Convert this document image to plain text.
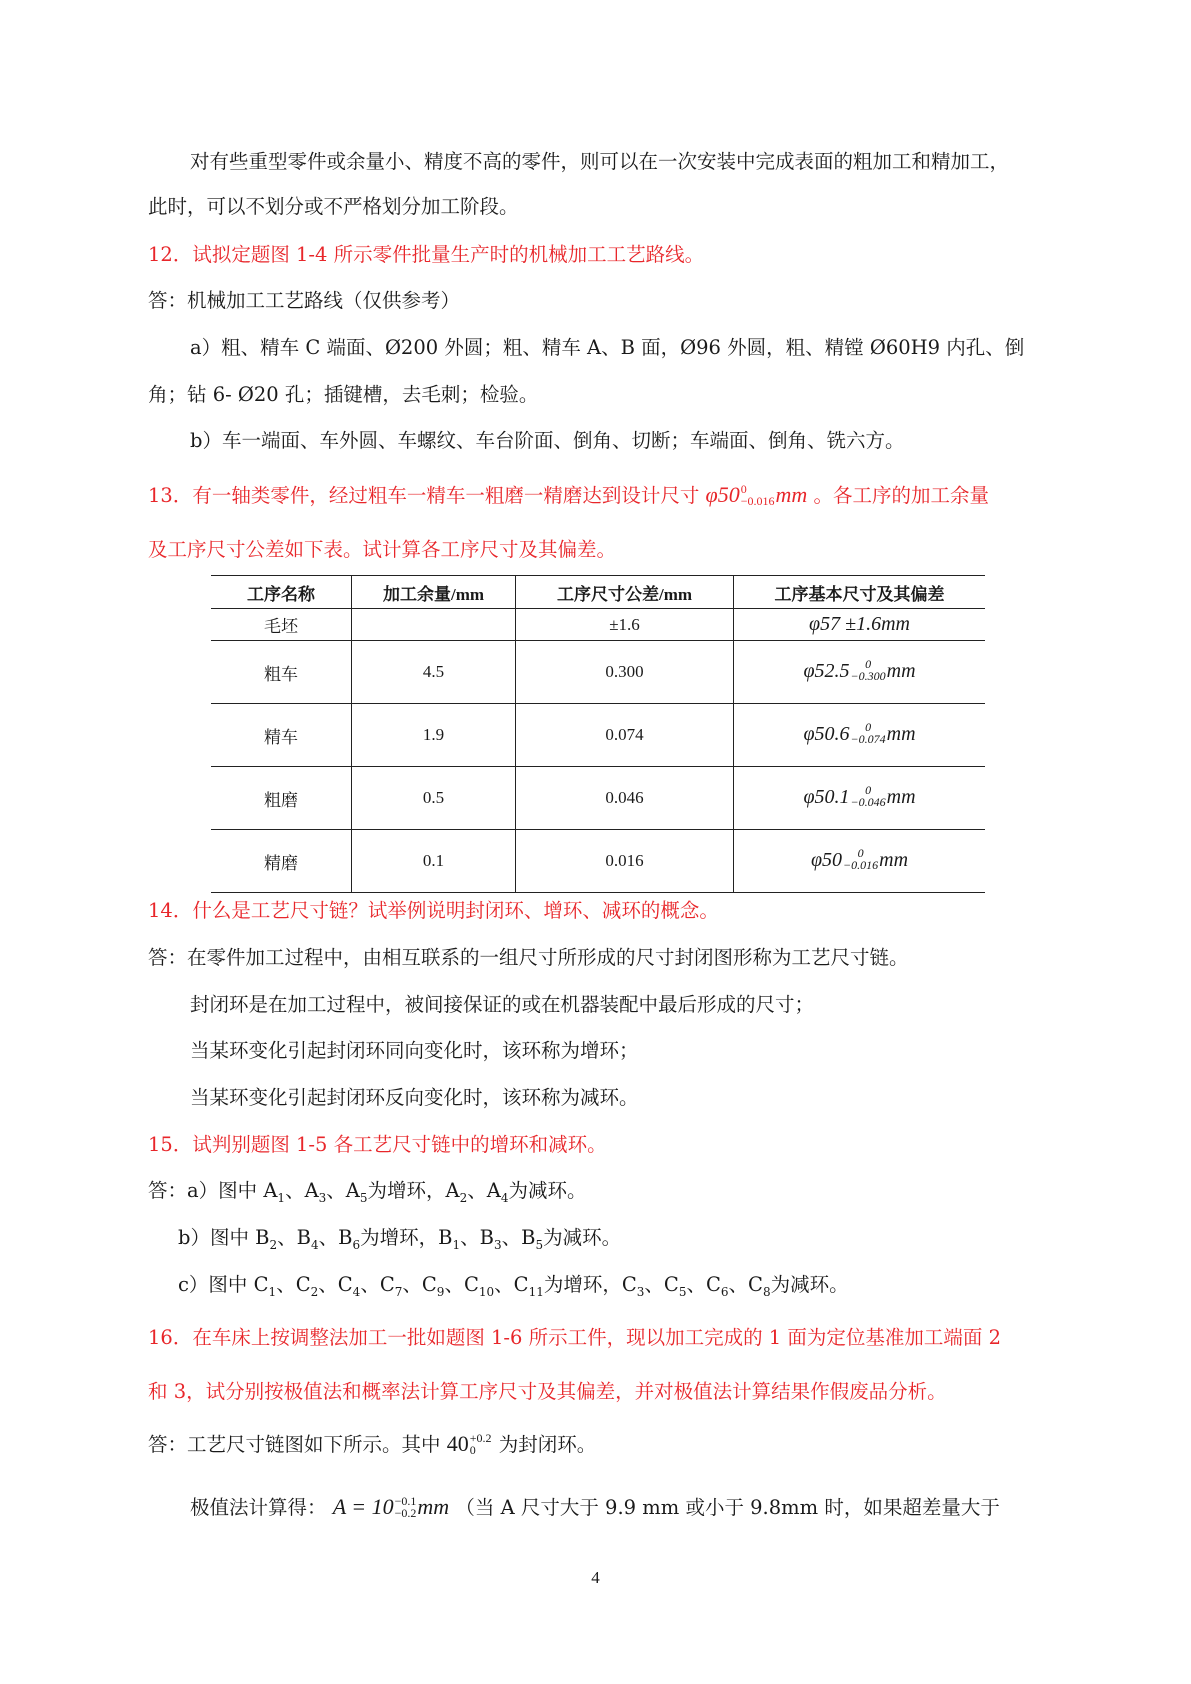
对有些重型零件或余量小、精度不高的零件，则可以在一次安装中完成表面的粗加工和精加工，
此时，可以不划分或不严格划分加工阶段。
12．试拟定题图 1-4 所示零件批量生产时的机械加工工艺路线。
答：机械加工工艺路线（仅供参考）
a）粗、精车 C 端面、Ø200 外圆；粗、精车 A、B 面，Ø96 外圆，粗、精镗 Ø60H9 内孔、倒
角；钻 6- Ø20 孔；插键槽，去毛刺；检验。
b）车一端面、车外圆、车螺纹、车台阶面、倒角、切断；车端面、倒角、铣六方。
13．有一轴类零件，经过粗车一精车一粗磨一精磨达到设计尺寸 φ50 0
−0.016 mm 。各工序的加工余量
及工序尺寸公差如下表。试计算各工序尺寸及其偏差。
工序名称	加工余量/mm	工序尺寸公差/mm	工序基本尺寸及其偏差
毛坯		±1.6	φ57 ±1.6mm
粗车	4.5	0.300	φ52.5 0
−0.300 mm
精车	1.9	0.074	φ50.6 0
−0.074 mm
粗磨	0.5	0.046	φ50.1 0
−0.046 mm
精磨	0.1	0.016	φ50 0
−0.016 mm
14．什么是工艺尺寸链？试举例说明封闭环、增环、减环的概念。
答：在零件加工过程中，由相互联系的一组尺寸所形成的尺寸封闭图形称为工艺尺寸链。
封闭环是在加工过程中，被间接保证的或在机器装配中最后形成的尺寸；
当某环变化引起封闭环同向变化时，该环称为增环；
当某环变化引起封闭环反向变化时，该环称为减环。
15．试判别题图 1-5 各工艺尺寸链中的增环和减环。
答：a）图中 $A_1$、$A_3$、$A_5$为增环，$A_2$、$A_4$为减环。
b）图中 $B_2$、$B_4$、$B_6$为增环，$B_1$、$B_3$、$B_5$为减环。
c）图中 $C_1$、$C_2$、$C_4$、$C_7$、$C_9$、$C_{10}$、$C_{11}$为增环，$C_3$、$C_5$、$C_6$、$C_8$为减环。
16．在车床上按调整法加工一批如题图 1-6 所示工件，现以加工完成的 1 面为定位基准加工端面 2
和 3，试分别按极值法和概率法计算工序尺寸及其偏差，并对极值法计算结果作假废品分析。
答：工艺尺寸链图如下所示。其中 40 +0.2
0	为封闭环。
极值法计算得： A = 10 −0.1
−0.2 mm （当 A 尺寸大于 9.9 mm 或小于 9.8mm 时，如果超差量大于
4
